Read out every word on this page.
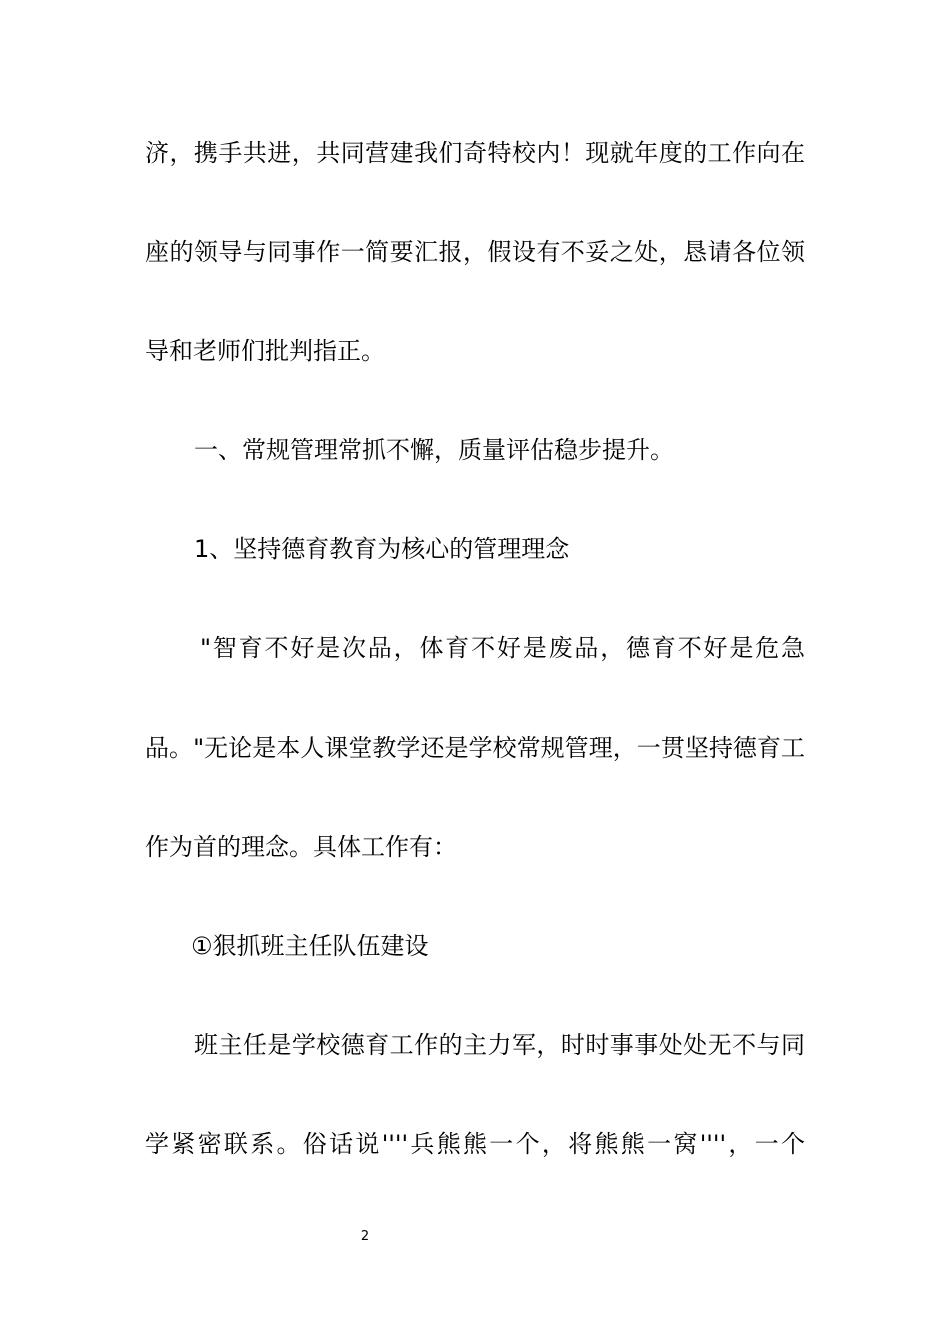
济，携手共进，共同营建我们奇特校内！现就年度的工作向在
座的领导与同事作一简要汇报，假设有不妥之处，恳请各位领
导和老师们批判指正。
一、常规管理常抓不懈，质量评估稳步提升。
1、坚持德育教育为核心的管理理念
"智育不好是次品，体育不好是废品，德育不好是危急
品。"无论是本人课堂教学还是学校常规管理，一贯坚持德育工
作为首的理念。具体工作有：
①狠抓班主任队伍建设
班主任是学校德育工作的主力军，时时事事处处无不与同
学紧密联系。俗话说''''兵熊熊一个，将熊熊一窝''''，一个
2
